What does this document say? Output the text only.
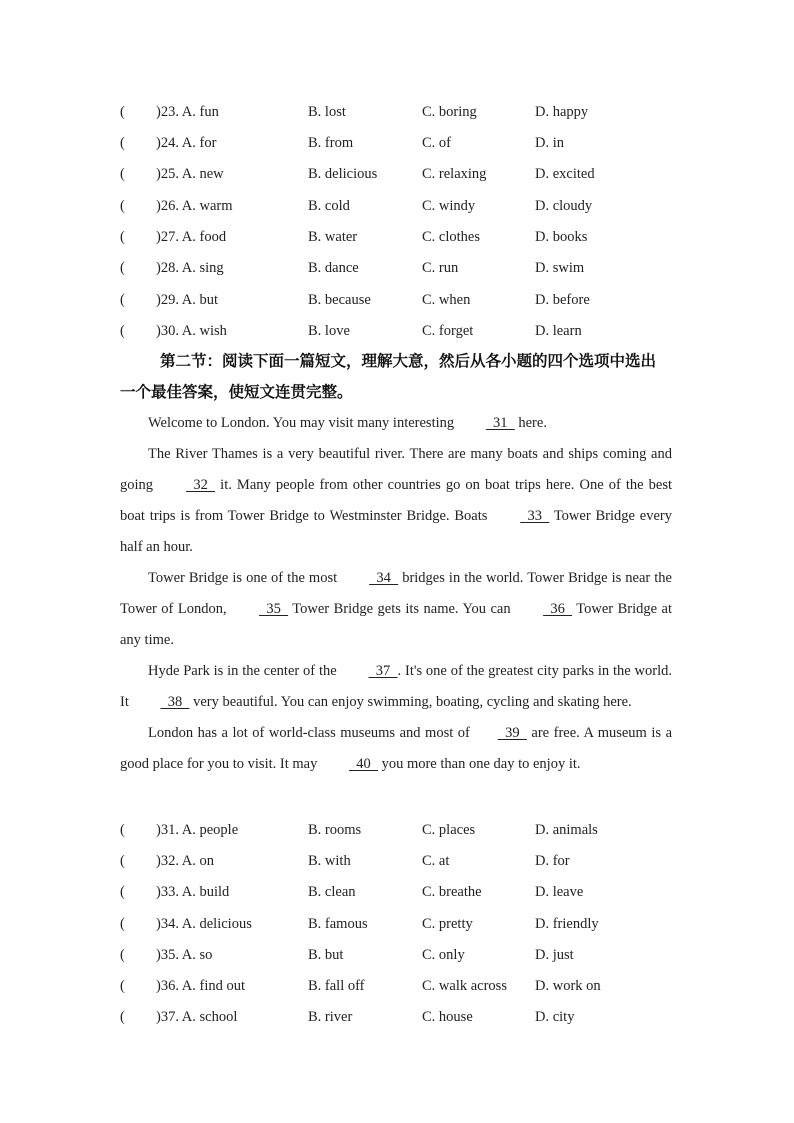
( )23. A. fun	B. lost	C. boring	D. happy
( )24. A. for	B. from	C. of	D. in
( )25. A. new	B. delicious	C. relaxing	D. excited
( )26. A. warm	B. cold	C. windy	D. cloudy
( )27. A. food	B. water	C. clothes	D. books
( )28. A. sing	B. dance	C. run	D. swim
( )29. A. but	B. because	C. when	D. before
( )30. A. wish	B. love	C. forget	D. learn
第二节：阅读下面一篇短文，理解大意，然后从各小题的四个选项中选出
一个最佳答案，使短文连贯完整。

Welcome to London. You may visit many interesting   31   here.

The River Thames is a very beautiful river. There are many boats and ships coming and going   32   it. Many people from other countries go on boat trips here. One of the best boat trips is from Tower Bridge to Westminster Bridge. Boats   33   Tower Bridge every half an hour.

Tower Bridge is one of the most   34   bridges in the world. Tower Bridge is near the Tower of London,   35   Tower Bridge gets its name. You can   36   Tower Bridge at any time.

Hyde Park is in the center of the   37  . It's one of the greatest city parks in the world. It   38   very beautiful. You can enjoy swimming, boating, cycling and skating here.

London has a lot of world-class museums and most of  39   are free. A museum is a good place for you to visit. It may   40   you more than one day to enjoy it.

( )31. A. people	B. rooms	C. places	D. animals
( )32. A. on	B. with	C. at	D. for
( )33. A. build	B. clean	C. breathe	D. leave
( )34. A. delicious	B. famous	C. pretty	D. friendly
( )35. A. so	B. but	C. only	D. just
( )36. A. find out	B. fall off	C. walk across D. work on
( )37. A. school	B. river	C. house	D. city
